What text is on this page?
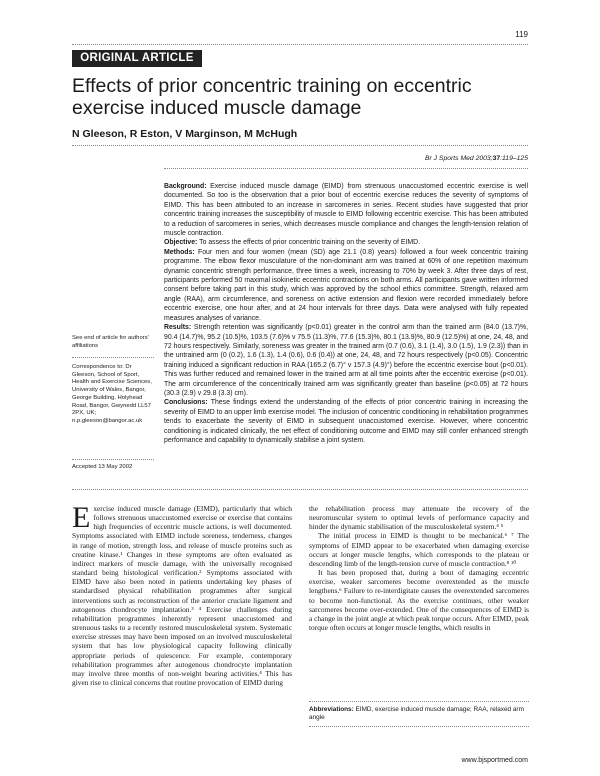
119
ORIGINAL ARTICLE
Effects of prior concentric training on eccentric exercise induced muscle damage
N Gleeson, R Eston, V Marginson, M McHugh
Br J Sports Med 2003;37:119–125

Background: Exercise induced muscle damage (EIMD) from strenuous unaccustomed eccentric exercise is well documented. So too is the observation that a prior bout of eccentric exercise reduces the severity of symptoms of EIMD. This has been attributed to an increase in sarcomeres in series. Recent studies have suggested that prior concentric training increases the susceptibility of muscle to EIMD following eccentric exercise. This has been attributed to a reduction of sarcomeres in series, which decreases muscle compliance and changes the length-tension relation of muscle contraction.

Objective: To assess the effects of prior concentric training on the severity of EIMD.

Methods: Four men and four women (mean (SD) age 21.1 (0.8) years) followed a four week concentric training programme. The elbow flexor musculature of the non-dominant arm was trained at 60% of one repetition maximum dynamic concentric strength performance, three times a week, increasing to 70% by week 3. After three days of rest, participants performed 50 maximal isokinetic eccentric contractions on both arms. All participants gave written informed consent before taking part in this study, which was approved by the school ethics committee. Strength, relaxed arm angle (RAA), arm circumference, and soreness on active extension and flexion were recorded immediately before eccentric exercise, one hour after, and at 24 hour intervals for three days. Data were analysed with fully repeated measures analyses of variance.

Results: Strength retention was significantly (p<0.01) greater in the control arm than the trained arm (84.0 (13.7)%, 90.4 (14.7)%, 95.2 (10.5)%, 103.5 (7.6)% v 75.5 (11.3)%, 77.6 (15.3)%, 80.1 (13.9)%, 80.9 (12.5)%) at one, 24, 48, and 72 hours respectively. Similarly, soreness was greater in the trained arm (0.7 (0.6), 3.1 (1.4), 3.0 (1.5), 1.9 (2.3)) than in the untrained arm (0 (0.2), 1.6 (1.3), 1.4 (0.6), 0.6 (0.4)) at one, 24, 48, and 72 hours respectively (p<0.05). Concentric training induced a significant reduction in RAA (165.2 (6.7)° v 157.3 (4.9)°) before the eccentric exercise bout (p<0.01). This was further reduced and remained lower in the trained arm at all time points after the eccentric exercise (p<0.01). The arm circumference of the concentrically trained arm was significantly greater than baseline (p<0.05) at 72 hours (30.3 (2.9) v 29.8 (3.3) cm).

Conclusions: These findings extend the understanding of the effects of prior concentric training in increasing the severity of EIMD to an upper limb exercise model. The inclusion of concentric conditioning in rehabilitation programmes tends to exacerbate the severity of EIMD in subsequent unaccustomed exercise. However, where concentric conditioning is indicated clinically, the net effect of conditioning outcome and EIMD may still confer enhanced strength performance and capability to dynamically stabilise a joint system.

See end of article for authors' affiliations
Correspondence to: Dr Gleeson, School of Sport, Health and Exercise Sciences, University of Wales, Bangor, George Building, Holyhead Road, Bangor, Gwynedd LL57 2PX, UK; n.p.gleeson@bangor.ac.uk
Accepted 13 May 2002

Exercise induced muscle damage (EIMD), particularly that which follows strenuous unaccustomed exercise or exercise that contains high frequencies of eccentric muscle actions, is well documented. Symptoms associated with EIMD include soreness, tenderness, changes in range of motion, strength loss, and release of muscle proteins such as creatine kinase.¹ Changes in these symptoms are often evaluated as indirect markers of muscle damage, with the universally recognised standard being histological verification.² Symptoms associated with EIMD have also been noted in patients undertaking key phases of standardised physical rehabilitation programmes after surgical interventions such as reconstruction of the anterior cruciate ligament and autogenous chondrocyte implantation.³ ⁴ Exercise challenges during rehabilitation programmes inherently represent unaccustomed and strenuous tasks to a recently restored musculoskeletal system. Systematic exercise stresses may have been imposed on an involved musculoskeletal system that has low physiological capacity following clinically appropriate periods of quiescence. For example, contemporary rehabilitation programmes after autogenous chondrocyte implantation may involve three months of non-weight bearing activities.⁴ This has given rise to clinical concerns that routine provocation of EIMD during

the rehabilitation process may attenuate the recovery of the neuromuscular system to optimal levels of performance capacity and hinder the dynamic stabilisation of the musculoskeletal system.⁴ ⁵

The initial process in EIMD is thought to be mechanical.⁶ ⁷ The symptoms of EIMD appear to be exacerbated when damaging exercise occurs at longer muscle lengths, which corresponds to the plateau or descending limb of the length-tension curve of muscle contraction.⁸ ¹⁰

It has been proposed that, during a bout of damaging eccentric exercise, weaker sarcomeres become overextended as the muscle lengthens.⁶ Failure to re-interdigitate causes the overextended sarcomeres to become non-functional. As the exercise continues, other weaker sarcomeres become over-extended. One of the consequences of EIMD is a change in the joint angle at which peak torque occurs. After EIMD, peak torque often occurs at longer muscle lengths, which results in

Abbreviations: EIMD, exercise induced muscle damage; RAA, relaxed arm angle
www.bjsportmed.com
